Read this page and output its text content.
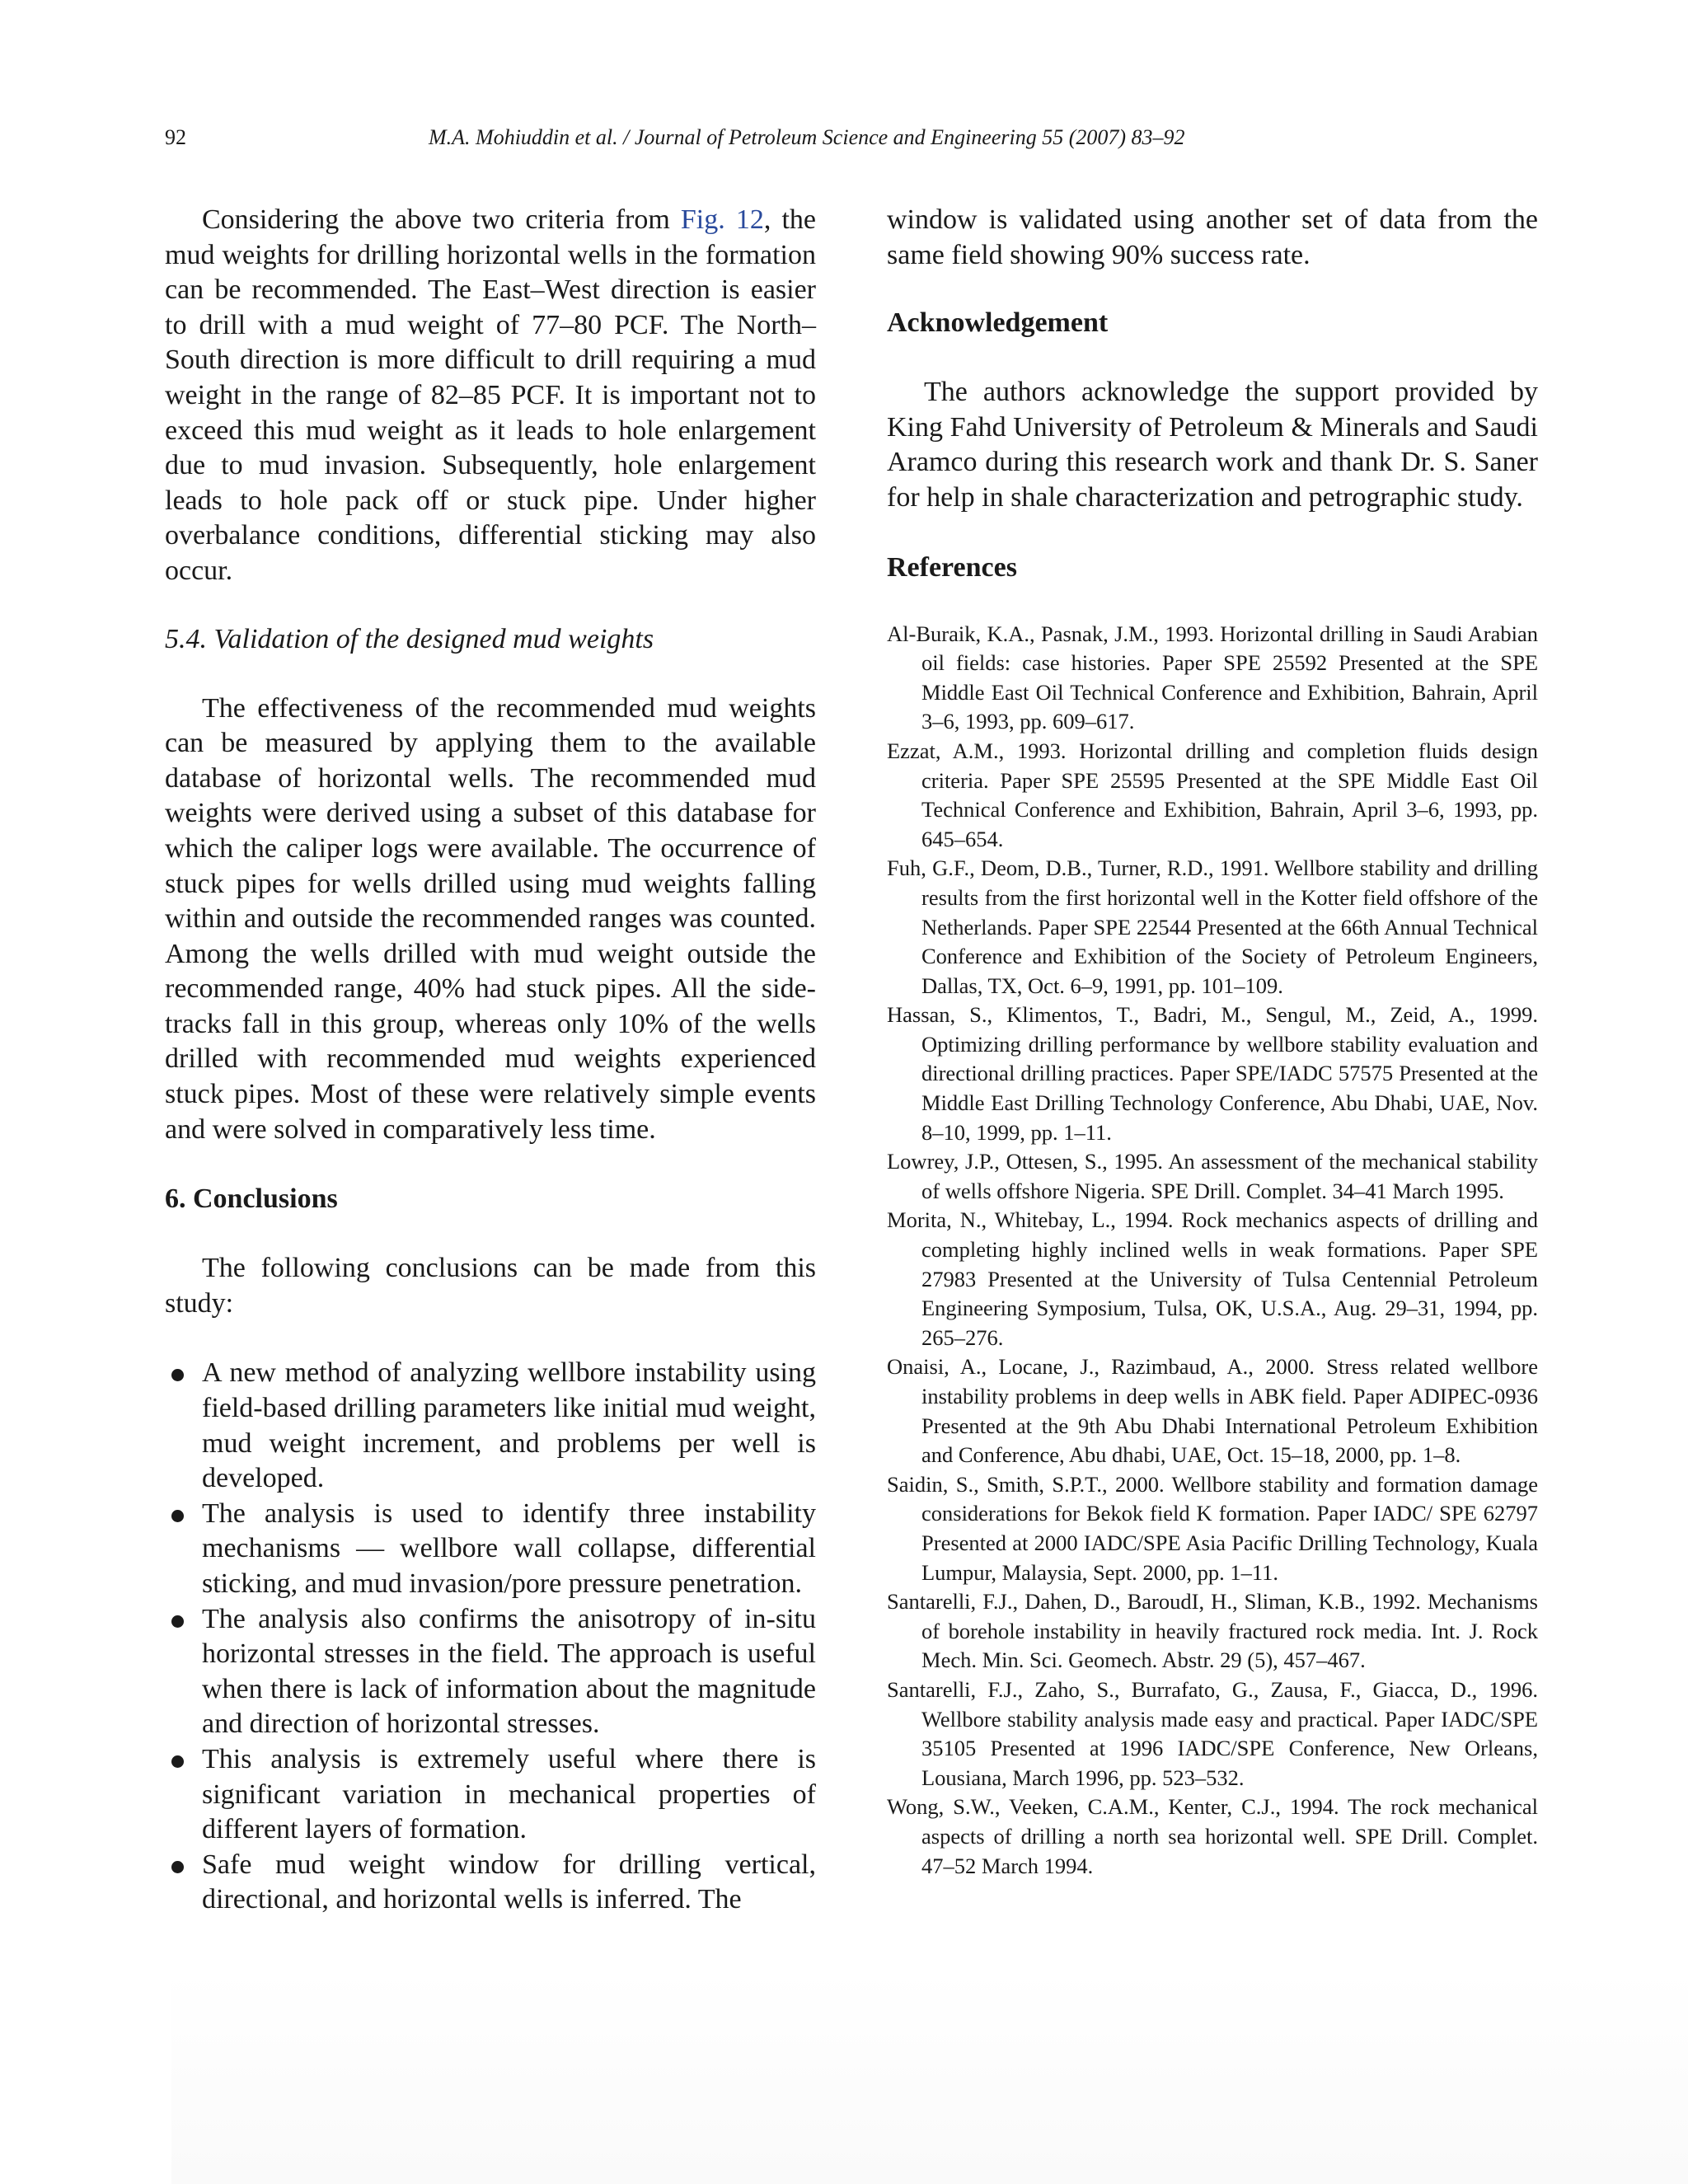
92	M.A. Mohiuddin et al. / Journal of Petroleum Science and Engineering 55 (2007) 83–92

Considering the above two criteria from Fig. 12, the mud weights for drilling horizontal wells in the formation can be recommended. The East–West direction is easier to drill with a mud weight of 77–80 PCF. The North–South direction is more difficult to drill requiring a mud weight in the range of 82–85 PCF. It is important not to exceed this mud weight as it leads to hole enlargement due to mud invasion. Subsequently, hole enlargement leads to hole pack off or stuck pipe. Under higher overbalance conditions, differential sticking may also occur.

5.4. Validation of the designed mud weights

The effectiveness of the recommended mud weights can be measured by applying them to the available database of horizontal wells. The recommended mud weights were derived using a subset of this database for which the caliper logs were available. The occurrence of stuck pipes for wells drilled using mud weights falling within and outside the recommended ranges was counted. Among the wells drilled with mud weight outside the recommended range, 40% had stuck pipes. All the side-tracks fall in this group, whereas only 10% of the wells drilled with recommended mud weights experienced stuck pipes. Most of these were relatively simple events and were solved in comparatively less time.

6. Conclusions

The following conclusions can be made from this study:

A new method of analyzing wellbore instability using field-based drilling parameters like initial mud weight, mud weight increment, and problems per well is developed.
The analysis is used to identify three instability mechanisms — wellbore wall collapse, differential sticking, and mud invasion/pore pressure penetration.
The analysis also confirms the anisotropy of in-situ horizontal stresses in the field. The approach is useful when there is lack of information about the magnitude and direction of horizontal stresses.
This analysis is extremely useful where there is significant variation in mechanical properties of different layers of formation.
Safe mud weight window for drilling vertical, directional, and horizontal wells is inferred. The

window is validated using another set of data from the same field showing 90% success rate.

Acknowledgement

The authors acknowledge the support provided by King Fahd University of Petroleum & Minerals and Saudi Aramco during this research work and thank Dr. S. Saner for help in shale characterization and petrographic study.

References

Al-Buraik, K.A., Pasnak, J.M., 1993. Horizontal drilling in Saudi Arabian oil fields: case histories. Paper SPE 25592 Presented at the SPE Middle East Oil Technical Conference and Exhibition, Bahrain, April 3–6, 1993, pp. 609–617.

Ezzat, A.M., 1993. Horizontal drilling and completion fluids design criteria. Paper SPE 25595 Presented at the SPE Middle East Oil Technical Conference and Exhibition, Bahrain, April 3–6, 1993, pp. 645–654.

Fuh, G.F., Deom, D.B., Turner, R.D., 1991. Wellbore stability and drilling results from the first horizontal well in the Kotter field offshore of the Netherlands. Paper SPE 22544 Presented at the 66th Annual Technical Conference and Exhibition of the Society of Petroleum Engineers, Dallas, TX, Oct. 6–9, 1991, pp. 101–109.

Hassan, S., Klimentos, T., Badri, M., Sengul, M., Zeid, A., 1999. Optimizing drilling performance by wellbore stability evaluation and directional drilling practices. Paper SPE/IADC 57575 Presented at the Middle East Drilling Technology Conference, Abu Dhabi, UAE, Nov. 8–10, 1999, pp. 1–11.

Lowrey, J.P., Ottesen, S., 1995. An assessment of the mechanical stability of wells offshore Nigeria. SPE Drill. Complet. 34–41 March 1995.

Morita, N., Whitebay, L., 1994. Rock mechanics aspects of drilling and completing highly inclined wells in weak formations. Paper SPE 27983 Presented at the University of Tulsa Centennial Petroleum Engineering Symposium, Tulsa, OK, U.S.A., Aug. 29–31, 1994, pp. 265–276.

Onaisi, A., Locane, J., Razimbaud, A., 2000. Stress related wellbore instability problems in deep wells in ABK field. Paper ADIPEC-0936 Presented at the 9th Abu Dhabi International Petroleum Exhibition and Conference, Abu dhabi, UAE, Oct. 15–18, 2000, pp. 1–8.

Saidin, S., Smith, S.P.T., 2000. Wellbore stability and formation damage considerations for Bekok field K formation. Paper IADC/ SPE 62797 Presented at 2000 IADC/SPE Asia Pacific Drilling Technology, Kuala Lumpur, Malaysia, Sept. 2000, pp. 1–11.

Santarelli, F.J., Dahen, D., BaroudI, H., Sliman, K.B., 1992. Mechanisms of borehole instability in heavily fractured rock media. Int. J. Rock Mech. Min. Sci. Geomech. Abstr. 29 (5), 457–467.

Santarelli, F.J., Zaho, S., Burrafato, G., Zausa, F., Giacca, D., 1996. Wellbore stability analysis made easy and practical. Paper IADC/SPE 35105 Presented at 1996 IADC/SPE Conference, New Orleans, Lousiana, March 1996, pp. 523–532.

Wong, S.W., Veeken, C.A.M., Kenter, C.J., 1994. The rock mechanical aspects of drilling a north sea horizontal well. SPE Drill. Complet. 47–52 March 1994.
